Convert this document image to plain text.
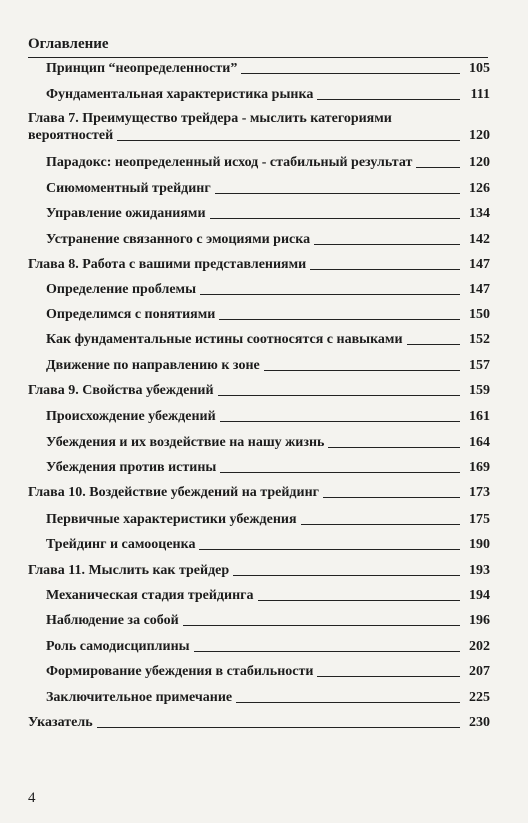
Оглавление
Принцип “неопределенности”	105
Фундаментальная характеристика рынка	111
Глава 7. Преимущество трейдера - мыслить категориями
вероятностей	120
Парадокс: неопределенный исход - стабильный результат	120
Сиюмоментный трейдинг	126
Управление ожиданиями	134
Устранение связанного с эмоциями риска	142
Глава 8. Работа с вашими представлениями	147
Определение проблемы	147
Определимся с понятиями	150
Как фундаментальные истины соотносятся с навыками	152
Движение по направлению к зоне	157
Глава 9. Свойства убеждений	159
Происхождение убеждений	161
Убеждения и их воздействие на нашу жизнь	164
Убеждения против истины	169
Глава 10. Воздействие убеждений на трейдинг	173
Первичные характеристики убеждения	175
Трейдинг и самооценка	190
Глава 11. Мыслить как трейдер	193
Механическая стадия трейдинга	194
Наблюдение за собой	196
Роль самодисциплины	202
Формирование убеждения в стабильности	207
Заключительное примечание	225
Указатель	230
4
